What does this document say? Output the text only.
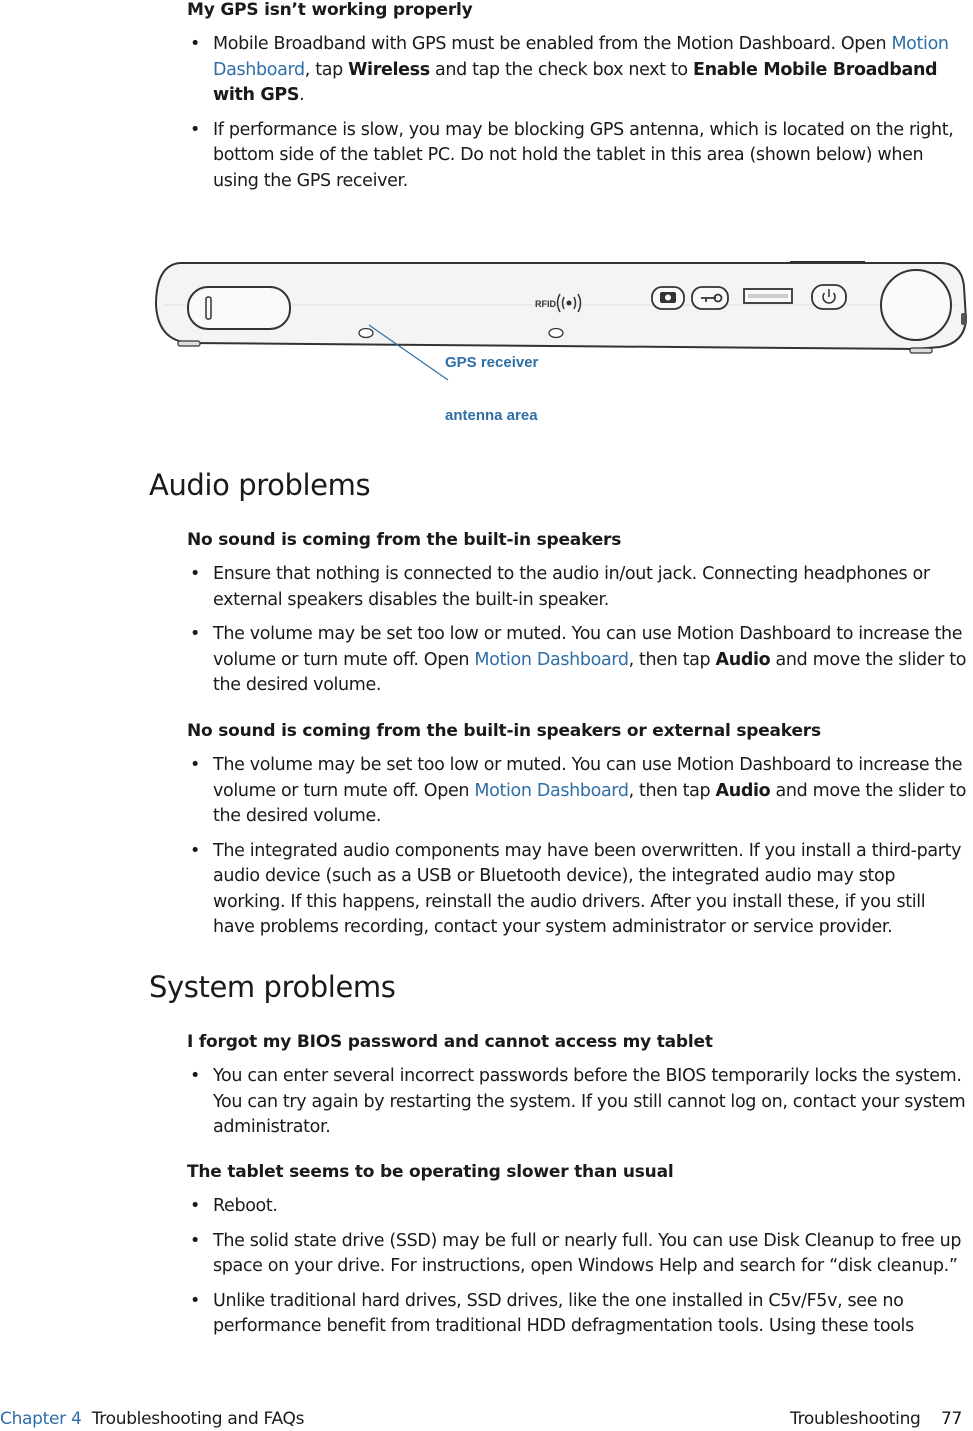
My GPS isn’t working properly

• Mobile Broadband with GPS must be enabled from the Motion Dashboard. Open Motion Dashboard, tap Wireless and tap the check box next to Enable Mobile Broadband with GPS.
• If performance is slow, you may be blocking GPS antenna, which is located on the right, bottom side of the tablet PC. Do not hold the tablet in this area (shown below) when using the GPS receiver.
RFID
GPS receiver
antenna area
Audio problems

No sound is coming from the built-in speakers

• Ensure that nothing is connected to the audio in/out jack. Connecting headphones or external speakers disables the built-in speaker.
• The volume may be set too low or muted. You can use Motion Dashboard to increase the volume or turn mute off. Open Motion Dashboard, then tap Audio and move the slider to the desired volume.

No sound is coming from the built-in speakers or external speakers

• The volume may be set too low or muted. You can use Motion Dashboard to increase the volume or turn mute off. Open Motion Dashboard, then tap Audio and move the slider to the desired volume.
• The integrated audio components may have been overwritten. If you install a third-party audio device (such as a USB or Bluetooth device), the integrated audio may stop working. If this happens, reinstall the audio drivers. After you install these, if you still have problems recording, contact your system administrator or service provider.
System problems

I forgot my BIOS password and cannot access my tablet

• You can enter several incorrect passwords before the BIOS temporarily locks the system. You can try again by restarting the system. If you still cannot log on, contact your system administrator.

The tablet seems to be operating slower than usual

• Reboot.
• The solid state drive (SSD) may be full or nearly full. You can use Disk Cleanup to free up space on your drive. For instructions, open Windows Help and search for “disk cleanup.”
• Unlike traditional hard drives, SSD drives, like the one installed in C5v/F5v, see no performance benefit from traditional HDD defragmentation tools. Using these tools
Chapter 4 Troubleshooting and FAQs	Troubleshooting 77
